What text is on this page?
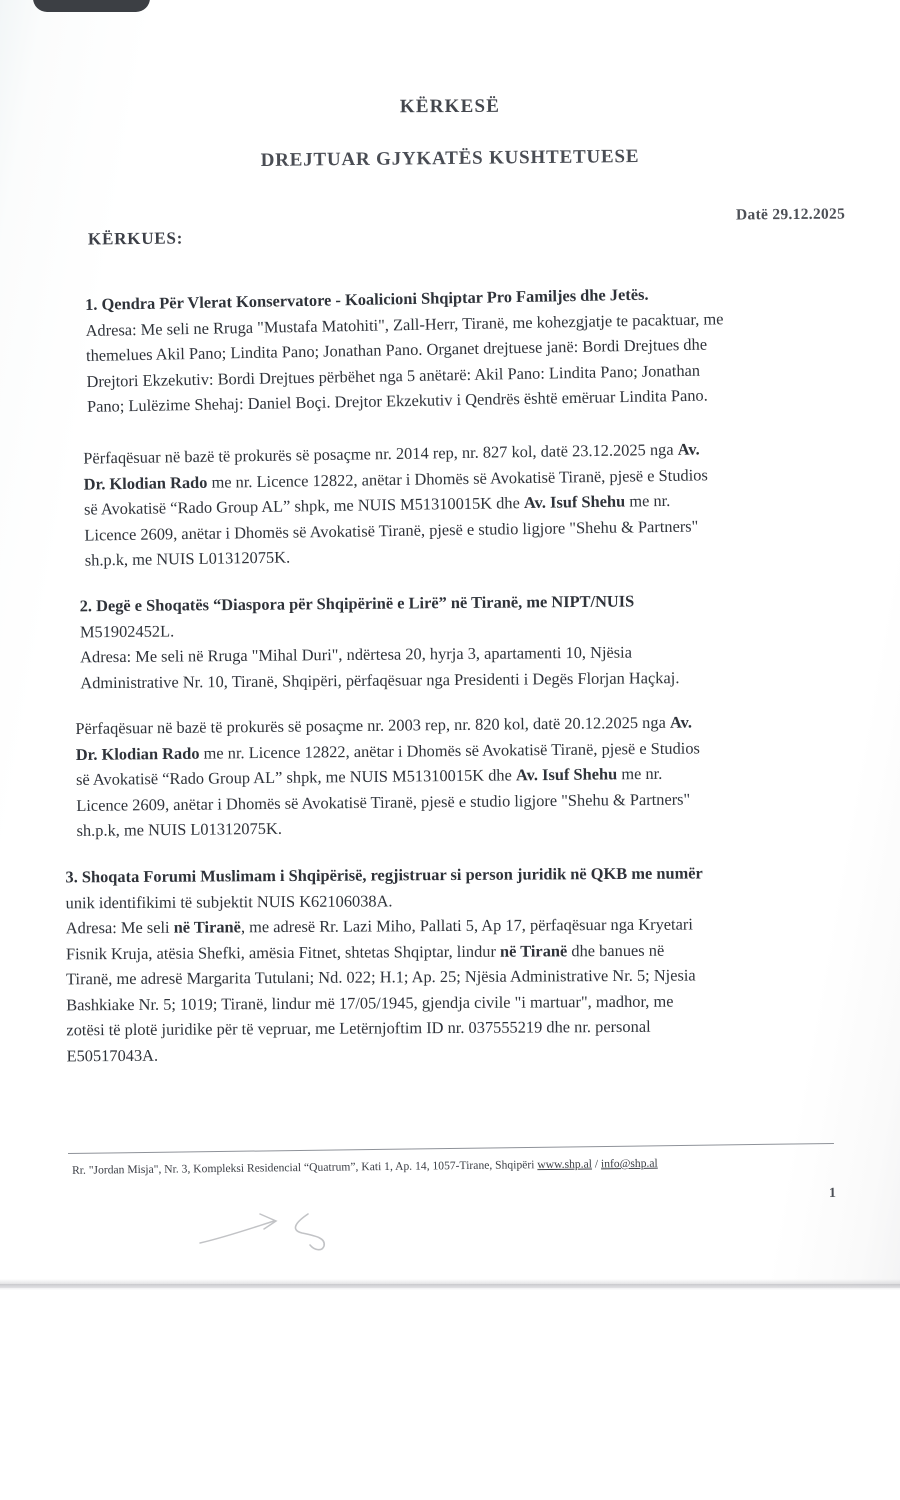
KËRKESË
DREJTUAR GJYKATËS KUSHTETUESE
Datë 29.12.2025
KËRKUES:
1. Qendra Për Vlerat Konservatore - Koalicioni Shqiptar Pro Familjes dhe Jetës.
Adresa: Me seli ne Rruga "Mustafa Matohiti", Zall-Herr, Tiranë, me kohezgjatje te pacaktuar, me
themelues Akil Pano; Lindita Pano; Jonathan Pano. Organet drejtuese janë: Bordi Drejtues dhe
Drejtori Ekzekutiv: Bordi Drejtues përbëhet nga 5 anëtarë: Akil Pano: Lindita Pano; Jonathan
Pano; Lulëzime Shehaj: Daniel Boçi. Drejtor Ekzekutiv i Qendrës është emëruar Lindita Pano.
Përfaqësuar në bazë të prokurës së posaçme nr. 2014 rep, nr. 827 kol, datë 23.12.2025 nga Av.
Dr. Klodian Rado me nr. Licence 12822, anëtar i Dhomës së Avokatisë Tiranë, pjesë e Studios
së Avokatisë “Rado Group AL” shpk, me NUIS M51310015K dhe Av. Isuf Shehu me nr.
Licence 2609, anëtar i Dhomës së Avokatisë Tiranë, pjesë e studio ligjore "Shehu & Partners"
sh.p.k, me NUIS L01312075K.
2. Degë e Shoqatës “Diaspora për Shqipërinë e Lirë” në Tiranë, me NIPT/NUIS
M51902452L.
Adresa: Me seli në Rruga "Mihal Duri", ndërtesa 20, hyrja 3, apartamenti 10, Njësia
Administrative Nr. 10, Tiranë, Shqipëri, përfaqësuar nga Presidenti i Degës Florjan Haçkaj.
Përfaqësuar në bazë të prokurës së posaçme nr. 2003 rep, nr. 820 kol, datë 20.12.2025 nga Av.
Dr. Klodian Rado me nr. Licence 12822, anëtar i Dhomës së Avokatisë Tiranë, pjesë e Studios
së Avokatisë “Rado Group AL” shpk, me NUIS M51310015K dhe Av. Isuf Shehu me nr.
Licence 2609, anëtar i Dhomës së Avokatisë Tiranë, pjesë e studio ligjore "Shehu & Partners"
sh.p.k, me NUIS L01312075K.
3. Shoqata Forumi Muslimam i Shqipërisë, regjistruar si person juridik në QKB me numër
unik identifikimi të subjektit NUIS K62106038A.
Adresa: Me seli në Tiranë, me adresë Rr. Lazi Miho, Pallati 5, Ap 17, përfaqësuar nga Kryetari
Fisnik Kruja, atësia Shefki, amësia Fitnet, shtetas Shqiptar, lindur në Tiranë dhe banues në
Tiranë, me adresë Margarita Tutulani; Nd. 022; H.1; Ap. 25; Njësia Administrative Nr. 5; Njesia
Bashkiake Nr. 5; 1019; Tiranë, lindur më 17/05/1945, gjendja civile "i martuar", madhor, me
zotësi të plotë juridike për të vepruar, me Letërnjoftim ID nr. 037555219 dhe nr. personal
E50517043A.
Rr. "Jordan Misja", Nr. 3, Kompleksi Residencial “Quatrum”, Kati 1, Ap. 14, 1057-Tirane, Shqipëri www.shp.al / info@shp.al
1
